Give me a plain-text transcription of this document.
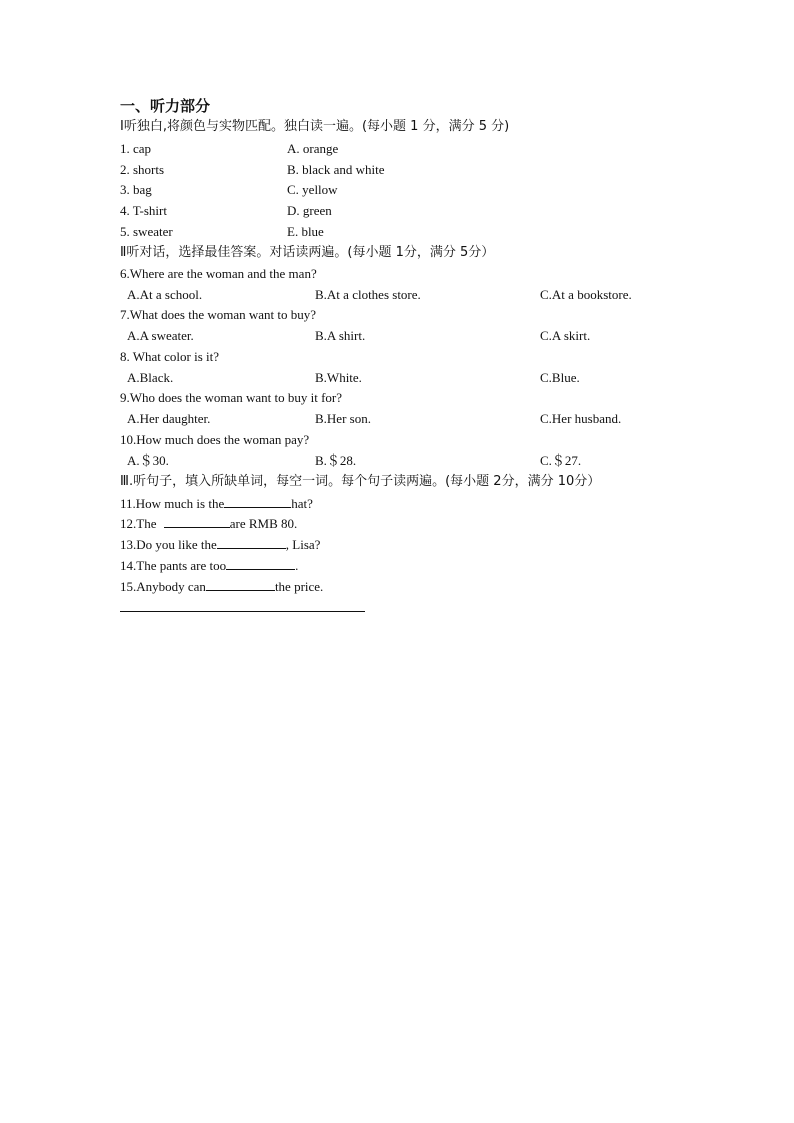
一、听力部分
Ⅰ听独白,将颜色与实物匹配。独白读一遍。(每小题 1 分，满分 5 分)
1. cap	A. orange
2. shorts	B. black and white
3. bag	C. yellow
4. T-shirt	D. green
5. sweater	E. blue
Ⅱ听对话，选择最佳答案。对话读两遍。(每小题 1分，满分 5分）
6.Where are the woman and the man?
A.At a school.	B.At a clothes store.	C.At a bookstore.
7.What does the woman want to buy?
A.A sweater.	B.A shirt.	C.A skirt.
8. What color is it?
A.Black.	B.White.	C.Blue.
9.Who does the woman want to buy it for?
A.Her daughter.	B.Her son.	C.Her husband.
10.How much does the woman pay?
A.＄30.	B.＄28.	C.＄27.
Ⅲ.听句子，填入所缺单词，每空一词。每个句子读两遍。(每小题 2分，满分 10分）
11.How much is the	hat?
12.The	are RMB 80.
13.Do you like the	, Lisa?
14.The pants are too	.
15.Anybody can	the price.
